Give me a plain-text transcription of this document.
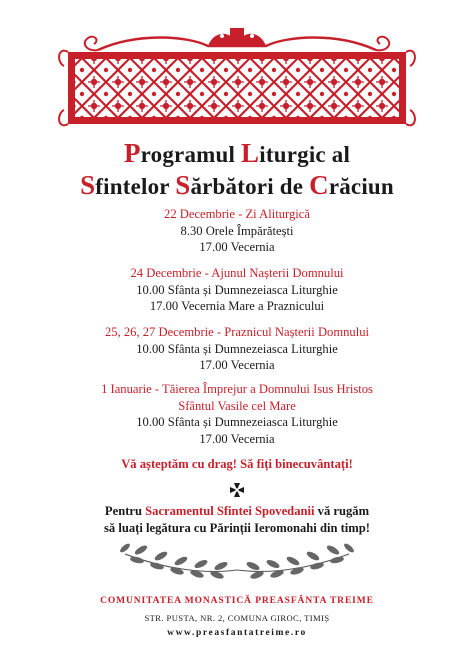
Programul Liturgic al
Sfintelor Sărbători de Crăciun
22 Decembrie - Zi Aliturgică
8.30 Orele Împărătești
17.00 Vecernia
24 Decembrie - Ajunul Nașterii Domnului
10.00 Sfânta și Dumnezeiasca Liturghie
17.00 Vecernia Mare a Praznicului
25, 26, 27 Decembrie - Praznicul Nașterii Domnului
10.00 Sfânta și Dumnezeiasca Liturghie
17.00 Vecernia
1 Ianuarie - Tăierea Împrejur a Domnului Isus Hristos
Sfântul Vasile cel Mare
10.00 Sfânta și Dumnezeiasca Liturghie
17.00 Vecernia
Vă așteptăm cu drag! Să fiți binecuvântați!
Pentru Sacramentul Sfintei Spovedanii vă rugăm
să luați legătura cu Părinții Ieromonahi din timp!
COMUNITATEA MONASTICĂ PREASFÂNTA TREIME
STR. PUSTA, NR. 2, COMUNA GIROC, TIMIȘ
www.preasfantatreime.ro
